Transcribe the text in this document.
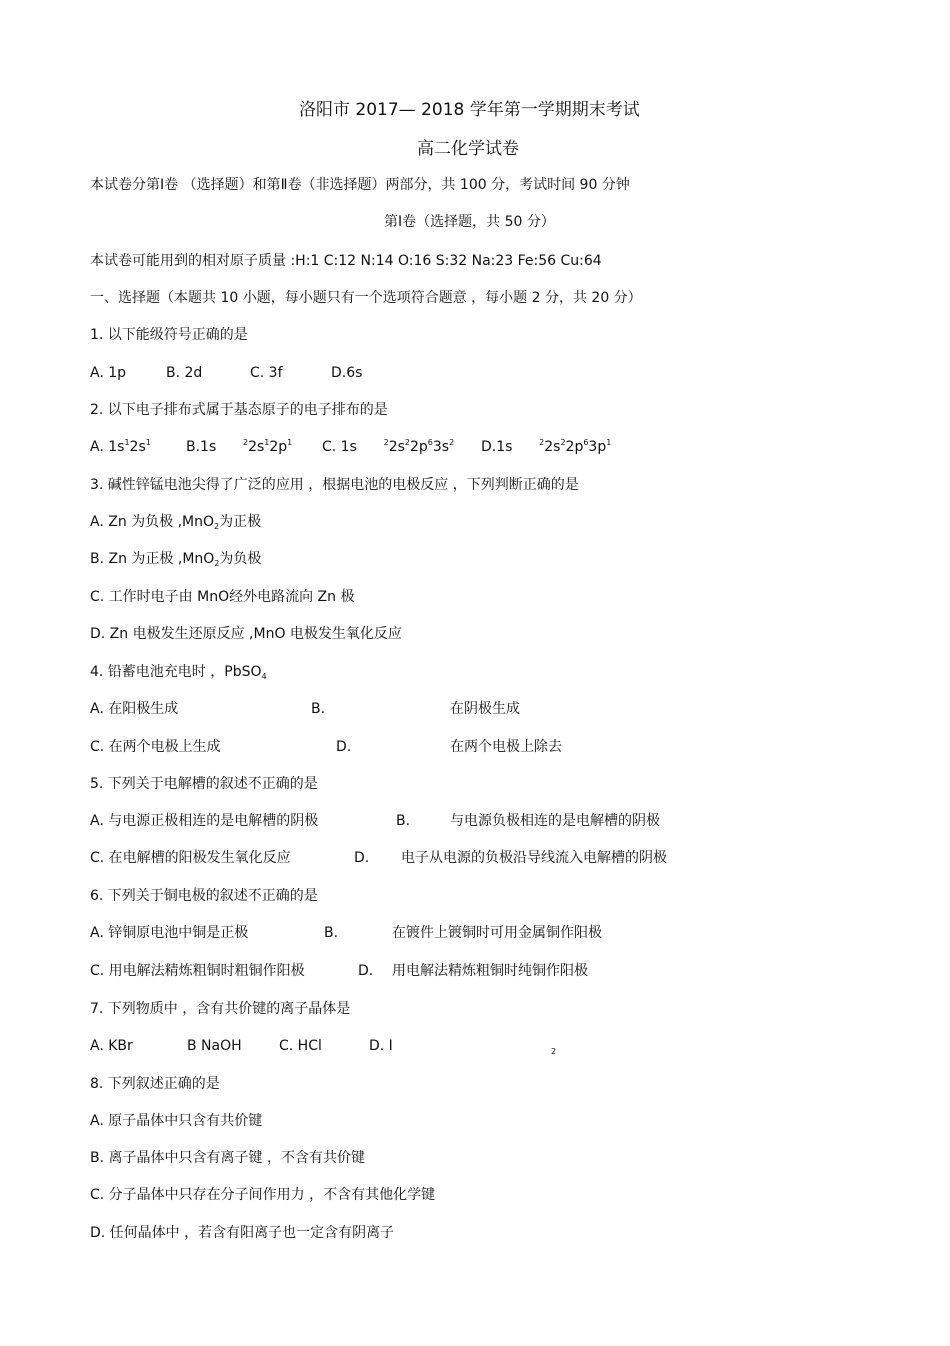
洛阳市 2017— 2018 学年第一学期期末考试
高二化学试卷
本试卷分第Ⅰ卷 （选择题）和第Ⅱ卷（非选择题）两部分，共 100 分，考试时间 90 分钟
第Ⅰ卷（选择题，共 50 分）
本试卷可能用到的相对原子质量 :H:1 C:12 N:14 O:16 S:32 Na:23 Fe:56 Cu:64
一、选择题（本题共 10 小题，每小题只有一个选项符合题意 ，每小题 2 分，共 20 分）
1. 以下能级符号正确的是
A. 1p	B. 2d	C. 3f	D.6s
2. 以下电子排布式属于基态原子的电子排布的是
A. $1s^12s^1$	B.1s	$^22s^12p^1$ C. 1s	$^22s^22p^63s^2$ D.1s	$^22s^22p^63p^1$
3. 碱性锌锰电池尖得了广泛的应用 ，根据电池的电极反应 ，下列判断正确的是
A. Zn 为负极 ,MnO$_2$为正极
B. Zn 为正极 ,MnO$_2$为负极
C. 工作时电子由 MnO经外电路流向 Zn 极
D. Zn 电极发生还原反应 ,MnO 电极发生氧化反应
4. 铅蓄电池充电时 ，PbSO$_4$
A. 在阳极生成	B.	在阴极生成
C. 在两个电极上生成	D.	在两个电极上除去
5. 下列关于电解槽的叙述不正确的是
A. 与电源正极相连的是电解槽的阴极	B.	与电源负极相连的是电解槽的阴极
C. 在电解槽的阳极发生氧化反应	D. 电子从电源的负极沿导线流入电解槽的阴极
6. 下列关于铜电极的叙述不正确的是
A. 锌铜原电池中铜是正极	B.	在镀件上镀铜时可用金属铜作阳极
C. 用电解法精炼粗铜时粗铜作阳极	D. 用电解法精炼粗铜时纯铜作阳极
7. 下列物质中 ，含有共价键的离子晶体是
A. KBr	B NaOH	C. HCl	D. I	2
8. 下列叙述正确的是
A. 原子晶体中只含有共价键
B. 离子晶体中只含有离子键 ，不含有共价键
C. 分子晶体中只存在分子间作用力 ，不含有其他化学键
D. 任何晶体中 ，若含有阳离子也一定含有阴离子
